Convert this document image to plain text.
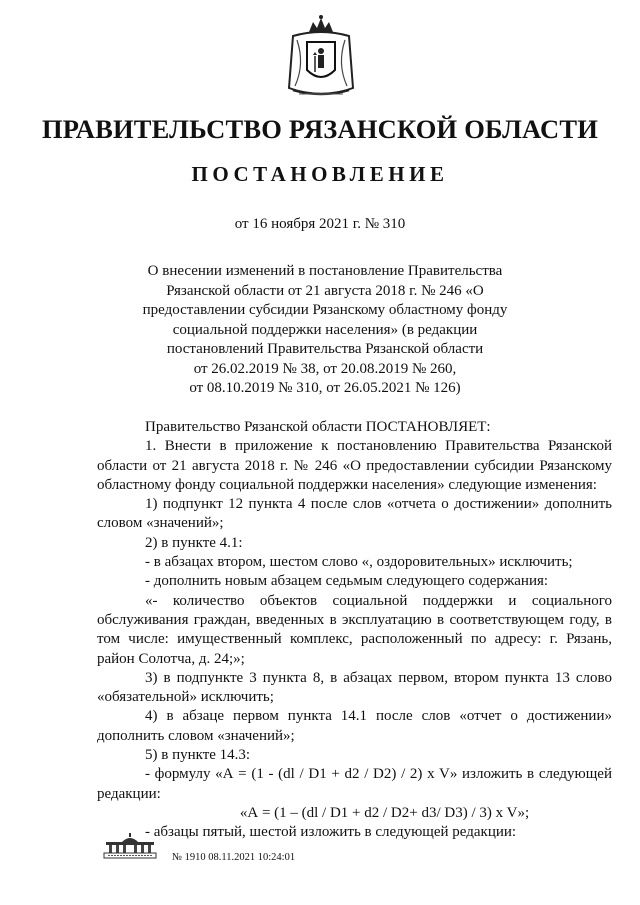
ПРАВИТЕЛЬСТВО РЯЗАНСКОЙ ОБЛАСТИ
ПОСТАНОВЛЕНИЕ
от 16 ноября 2021 г. № 310
О внесении изменений в постановление Правительства
Рязанской области от 21 августа 2018 г. № 246 «О
предоставлении субсидии Рязанскому областному фонду
социальной поддержки населения» (в редакции
постановлений Правительства Рязанской области
от 26.02.2019 № 38, от 20.08.2019 № 260,
от 08.10.2019 № 310, от 26.05.2021 № 126)

Правительство Рязанской области ПОСТАНОВЛЯЕТ:

1. Внести в приложение к постановлению Правительства Рязанской области от 21 августа 2018 г. № 246 «О предоставлении субсидии Рязанскому областному фонду социальной поддержки населения» следующие изменения:

1) подпункт 12 пункта 4 после слов «отчета о достижении» дополнить словом «значений»;

2) в пункте 4.1:

- в абзацах втором, шестом слово «, оздоровительных» исключить;

- дополнить новым абзацем седьмым следующего содержания:

«- количество объектов социальной поддержки и социального обслуживания граждан, введенных в эксплуатацию в соответствующем году, в том числе: имущественный комплекс, расположенный по адресу: г. Рязань, район Солотча, д. 24;»;

3) в подпункте 3 пункта 8, в абзацах первом, втором пункта 13 слово «обязательной» исключить;

4) в абзаце первом пункта 14.1 после слов «отчет о достижении» дополнить словом «значений»;

5) в пункте 14.3:

- формулу «А = (1 - (dl / D1 + d2 / D2) / 2) x V» изложить в следующей редакции:

«А = (1 – (dl / D1 + d2 / D2+ d3/ D3) / 3) x V»;

- абзацы пятый, шестой изложить в следующей редакции:

№ 1910 08.11.2021 10:24:01
